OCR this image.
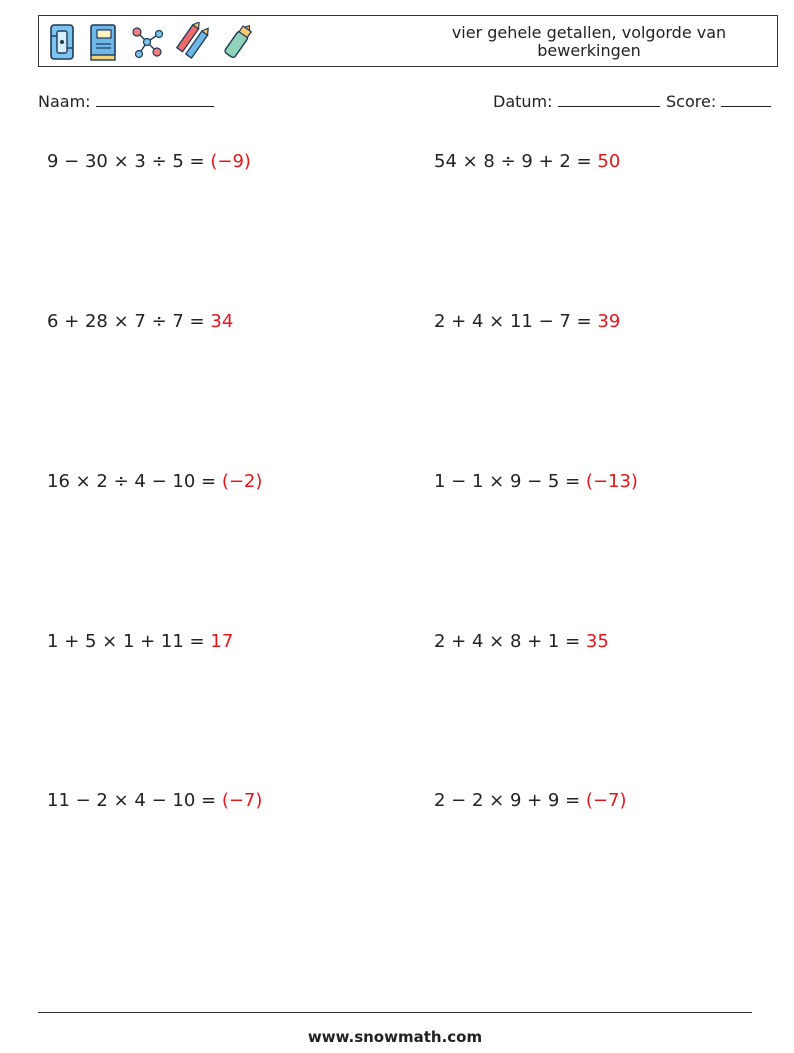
vier gehele getallen, volgorde van bewerkingen
Naam:	Datum:	Score:
9 − 30 × 3 ÷ 5 = (−9)	54 × 8 ÷ 9 + 2 = 50
6 + 28 × 7 ÷ 7 = 34	2 + 4 × 11 − 7 = 39
16 × 2 ÷ 4 − 10 = (−2)	1 − 1 × 9 − 5 = (−13)
1 + 5 × 1 + 11 = 17	2 + 4 × 8 + 1 = 35
11 − 2 × 4 − 10 = (−7)	2 − 2 × 9 + 9 = (−7)
www.snowmath.com
